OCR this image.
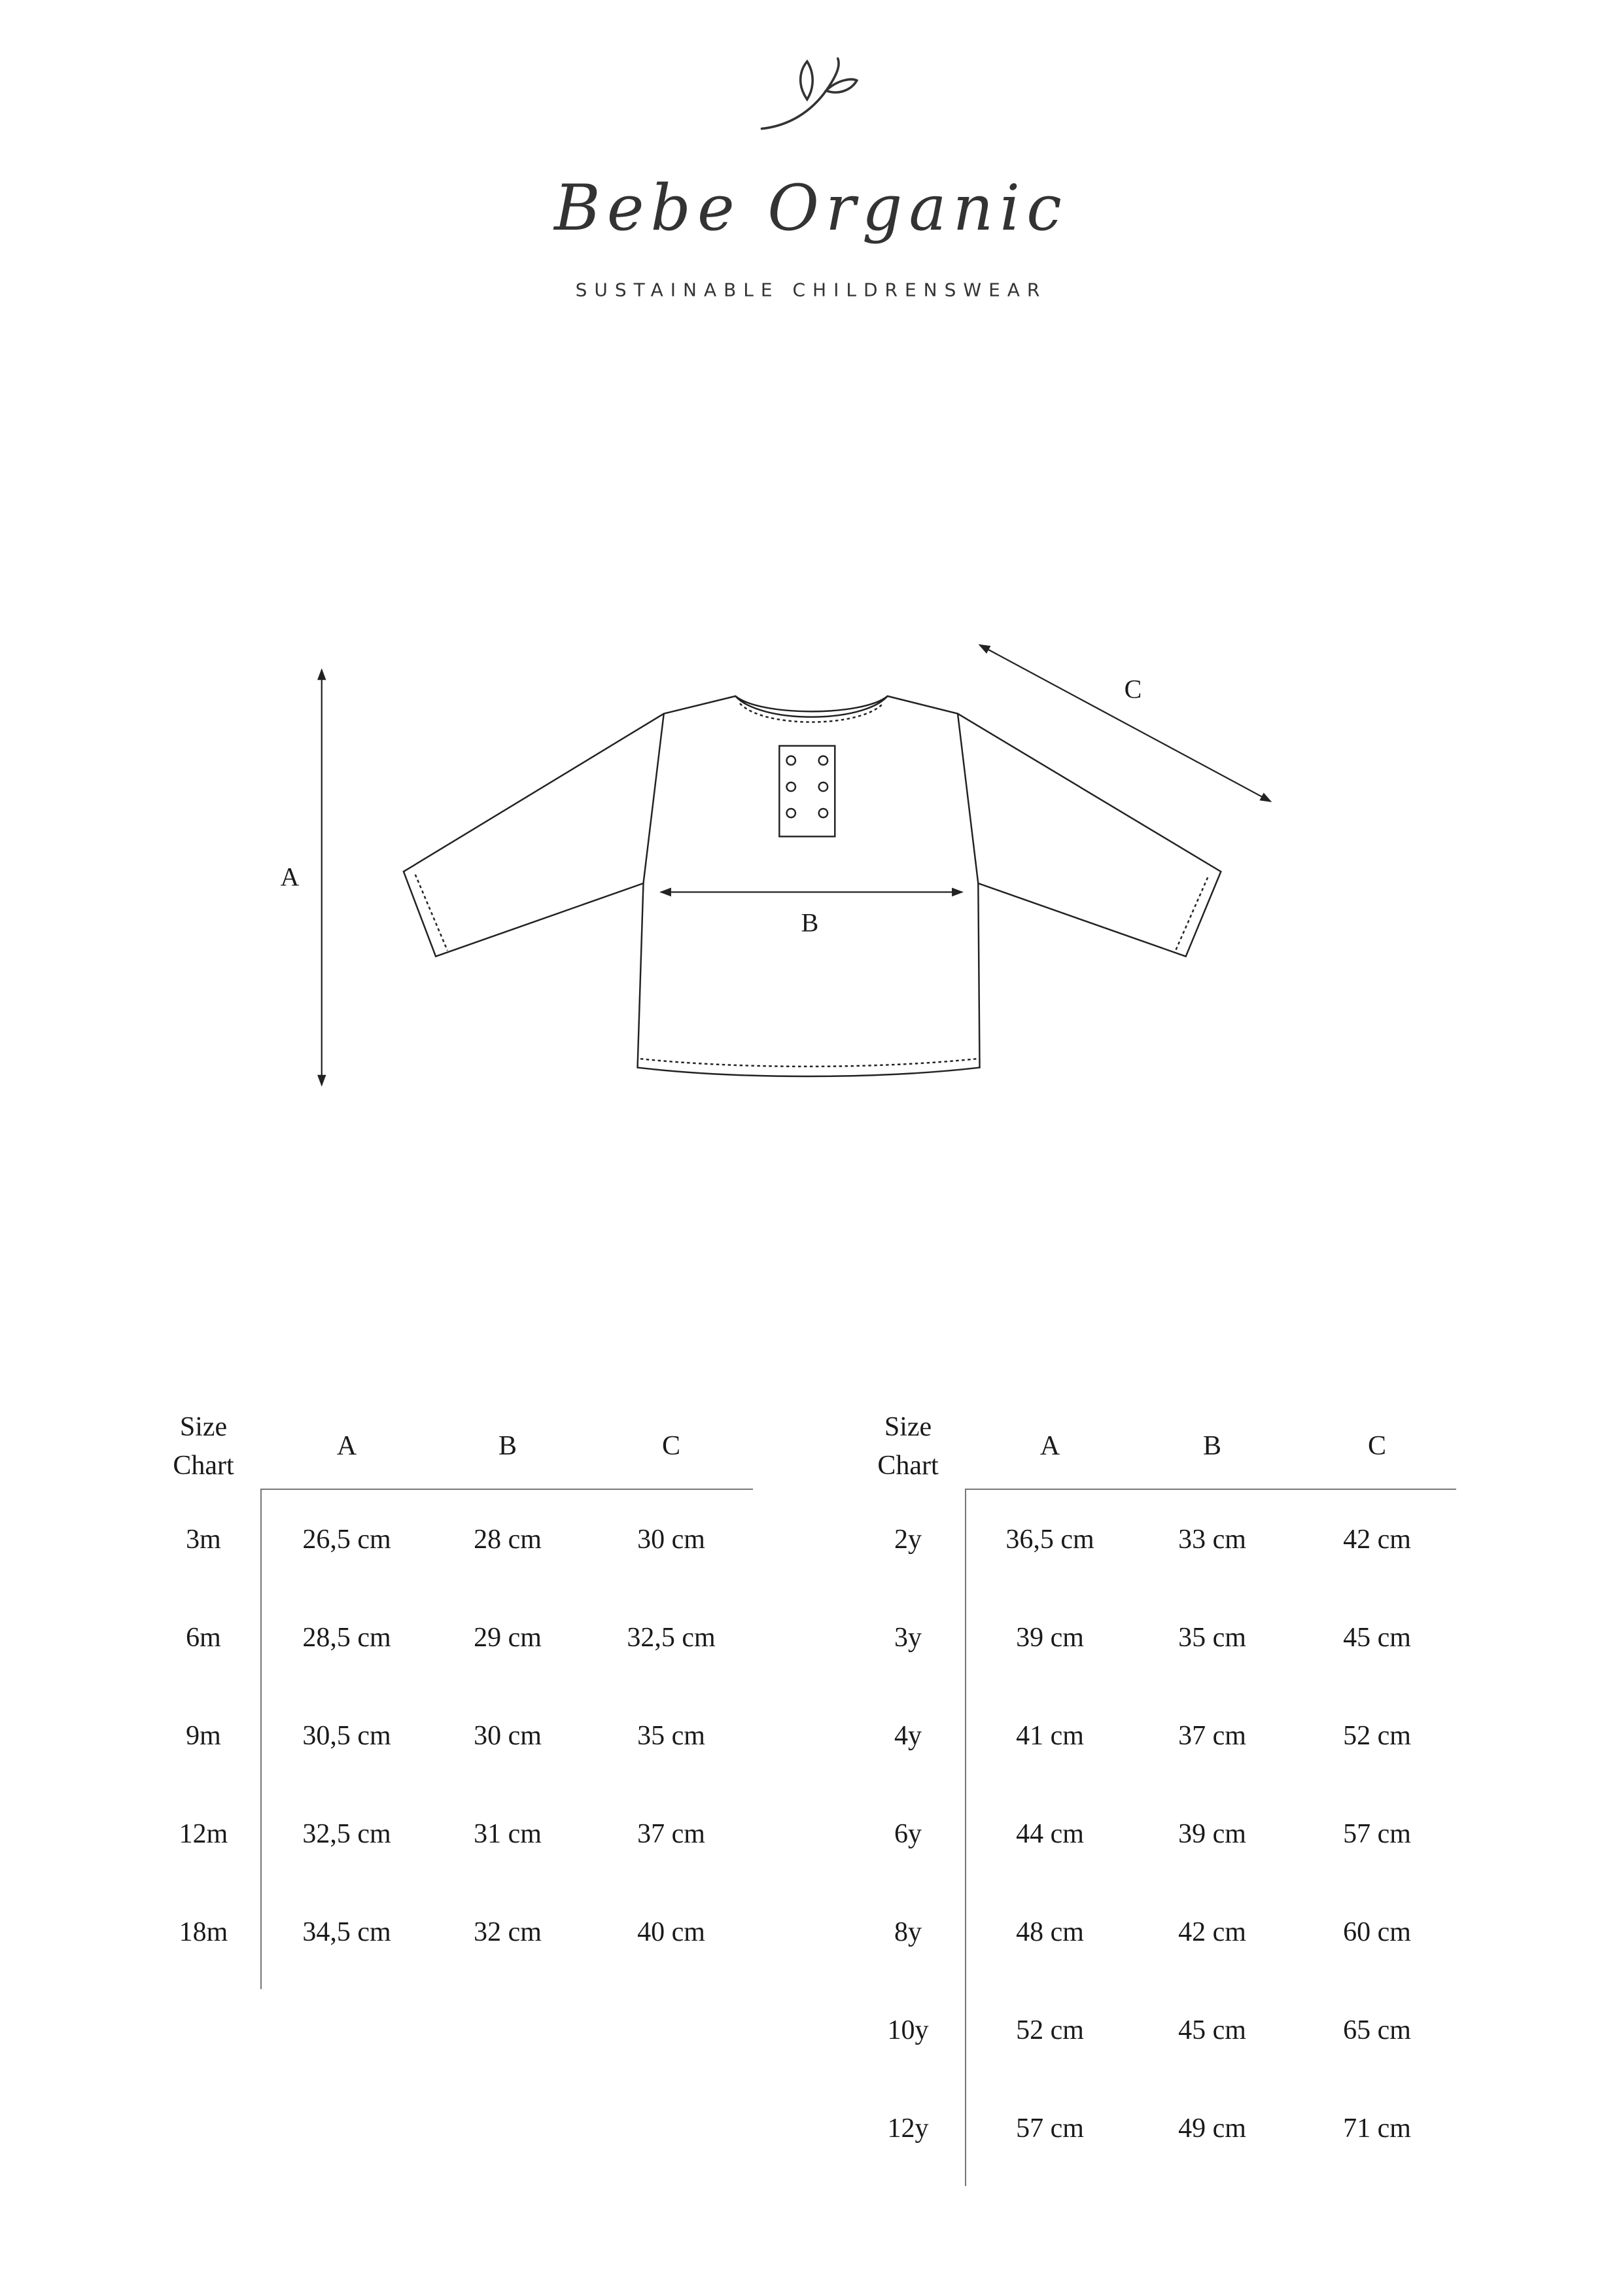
Bebe Organic
SUSTAINABLE CHILDRENSWEAR
A
B
C
Size
Chart
A	B	C
3m	26,5 cm	28 cm	30 cm
6m	28,5 cm	29 cm	32,5 cm
9m	30,5 cm	30 cm	35 cm
12m	32,5 cm	31 cm	37 cm
18m	34,5 cm	32 cm	40 cm
Size
Chart
A	B	C
2y	36,5 cm	33 cm	42 cm
3y	39 cm	35 cm	45 cm
4y	41 cm	37 cm	52 cm
6y	44 cm	39 cm	57 cm
8y	48 cm	42 cm	60 cm
10y	52 cm	45 cm	65 cm
12y	57 cm	49 cm	71 cm
